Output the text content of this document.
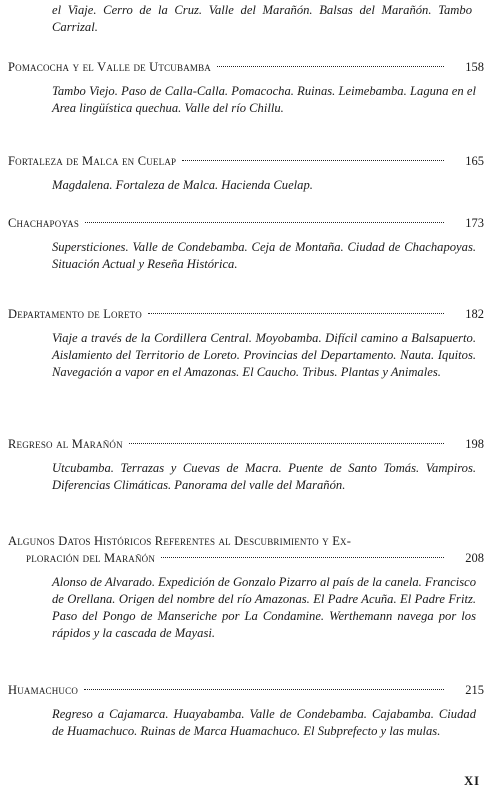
el Viaje. Cerro de la Cruz. Valle del Marañón. Balsas del Marañón. Tambo Carrizal.
Pomacocha y el Valle de Utcubamba	158
Tambo Viejo. Paso de Calla-Calla. Pomacocha. Ruinas. Leimebamba. Laguna en el Area lingüística quechua. Valle del río Chillu.
Fortaleza de Malca en Cuelap	165
Magdalena. Fortaleza de Malca. Hacienda Cuelap.
Chachapoyas	173
Supersticiones. Valle de Condebamba. Ceja de Montaña. Ciudad de Chachapoyas. Situación Actual y Reseña Histórica.
Departamento de Loreto	182
Viaje a través de la Cordillera Central. Moyobamba. Difícil camino a Balsapuerto. Aislamiento del Territorio de Loreto. Provincias del Departamento. Nauta. Iquitos. Navegación a vapor en el Amazonas. El Caucho. Tribus. Plantas y Animales.
Regreso al Marañón	198
Utcubamba. Terrazas y Cuevas de Macra. Puente de Santo Tomás. Vampiros. Diferencias Climáticas. Panorama del valle del Marañón.
Algunos Datos Históricos Referentes al Descubrimiento y Ex-
ploración del Marañón	208
Alonso de Alvarado. Expedición de Gonzalo Pizarro al país de la canela. Francisco de Orellana. Origen del nombre del río Amazonas. El Padre Acuña. El Padre Fritz. Paso del Pongo de Manseriche por La Condamine. Werthemann navega por los rápidos y la cascada de Mayasi.
Huamachuco	215
Regreso a Cajamarca. Huayabamba. Valle de Condebamba. Cajabamba. Ciudad de Huamachuco. Ruinas de Marca Huamachuco. El Subprefecto y las mulas.
XI
